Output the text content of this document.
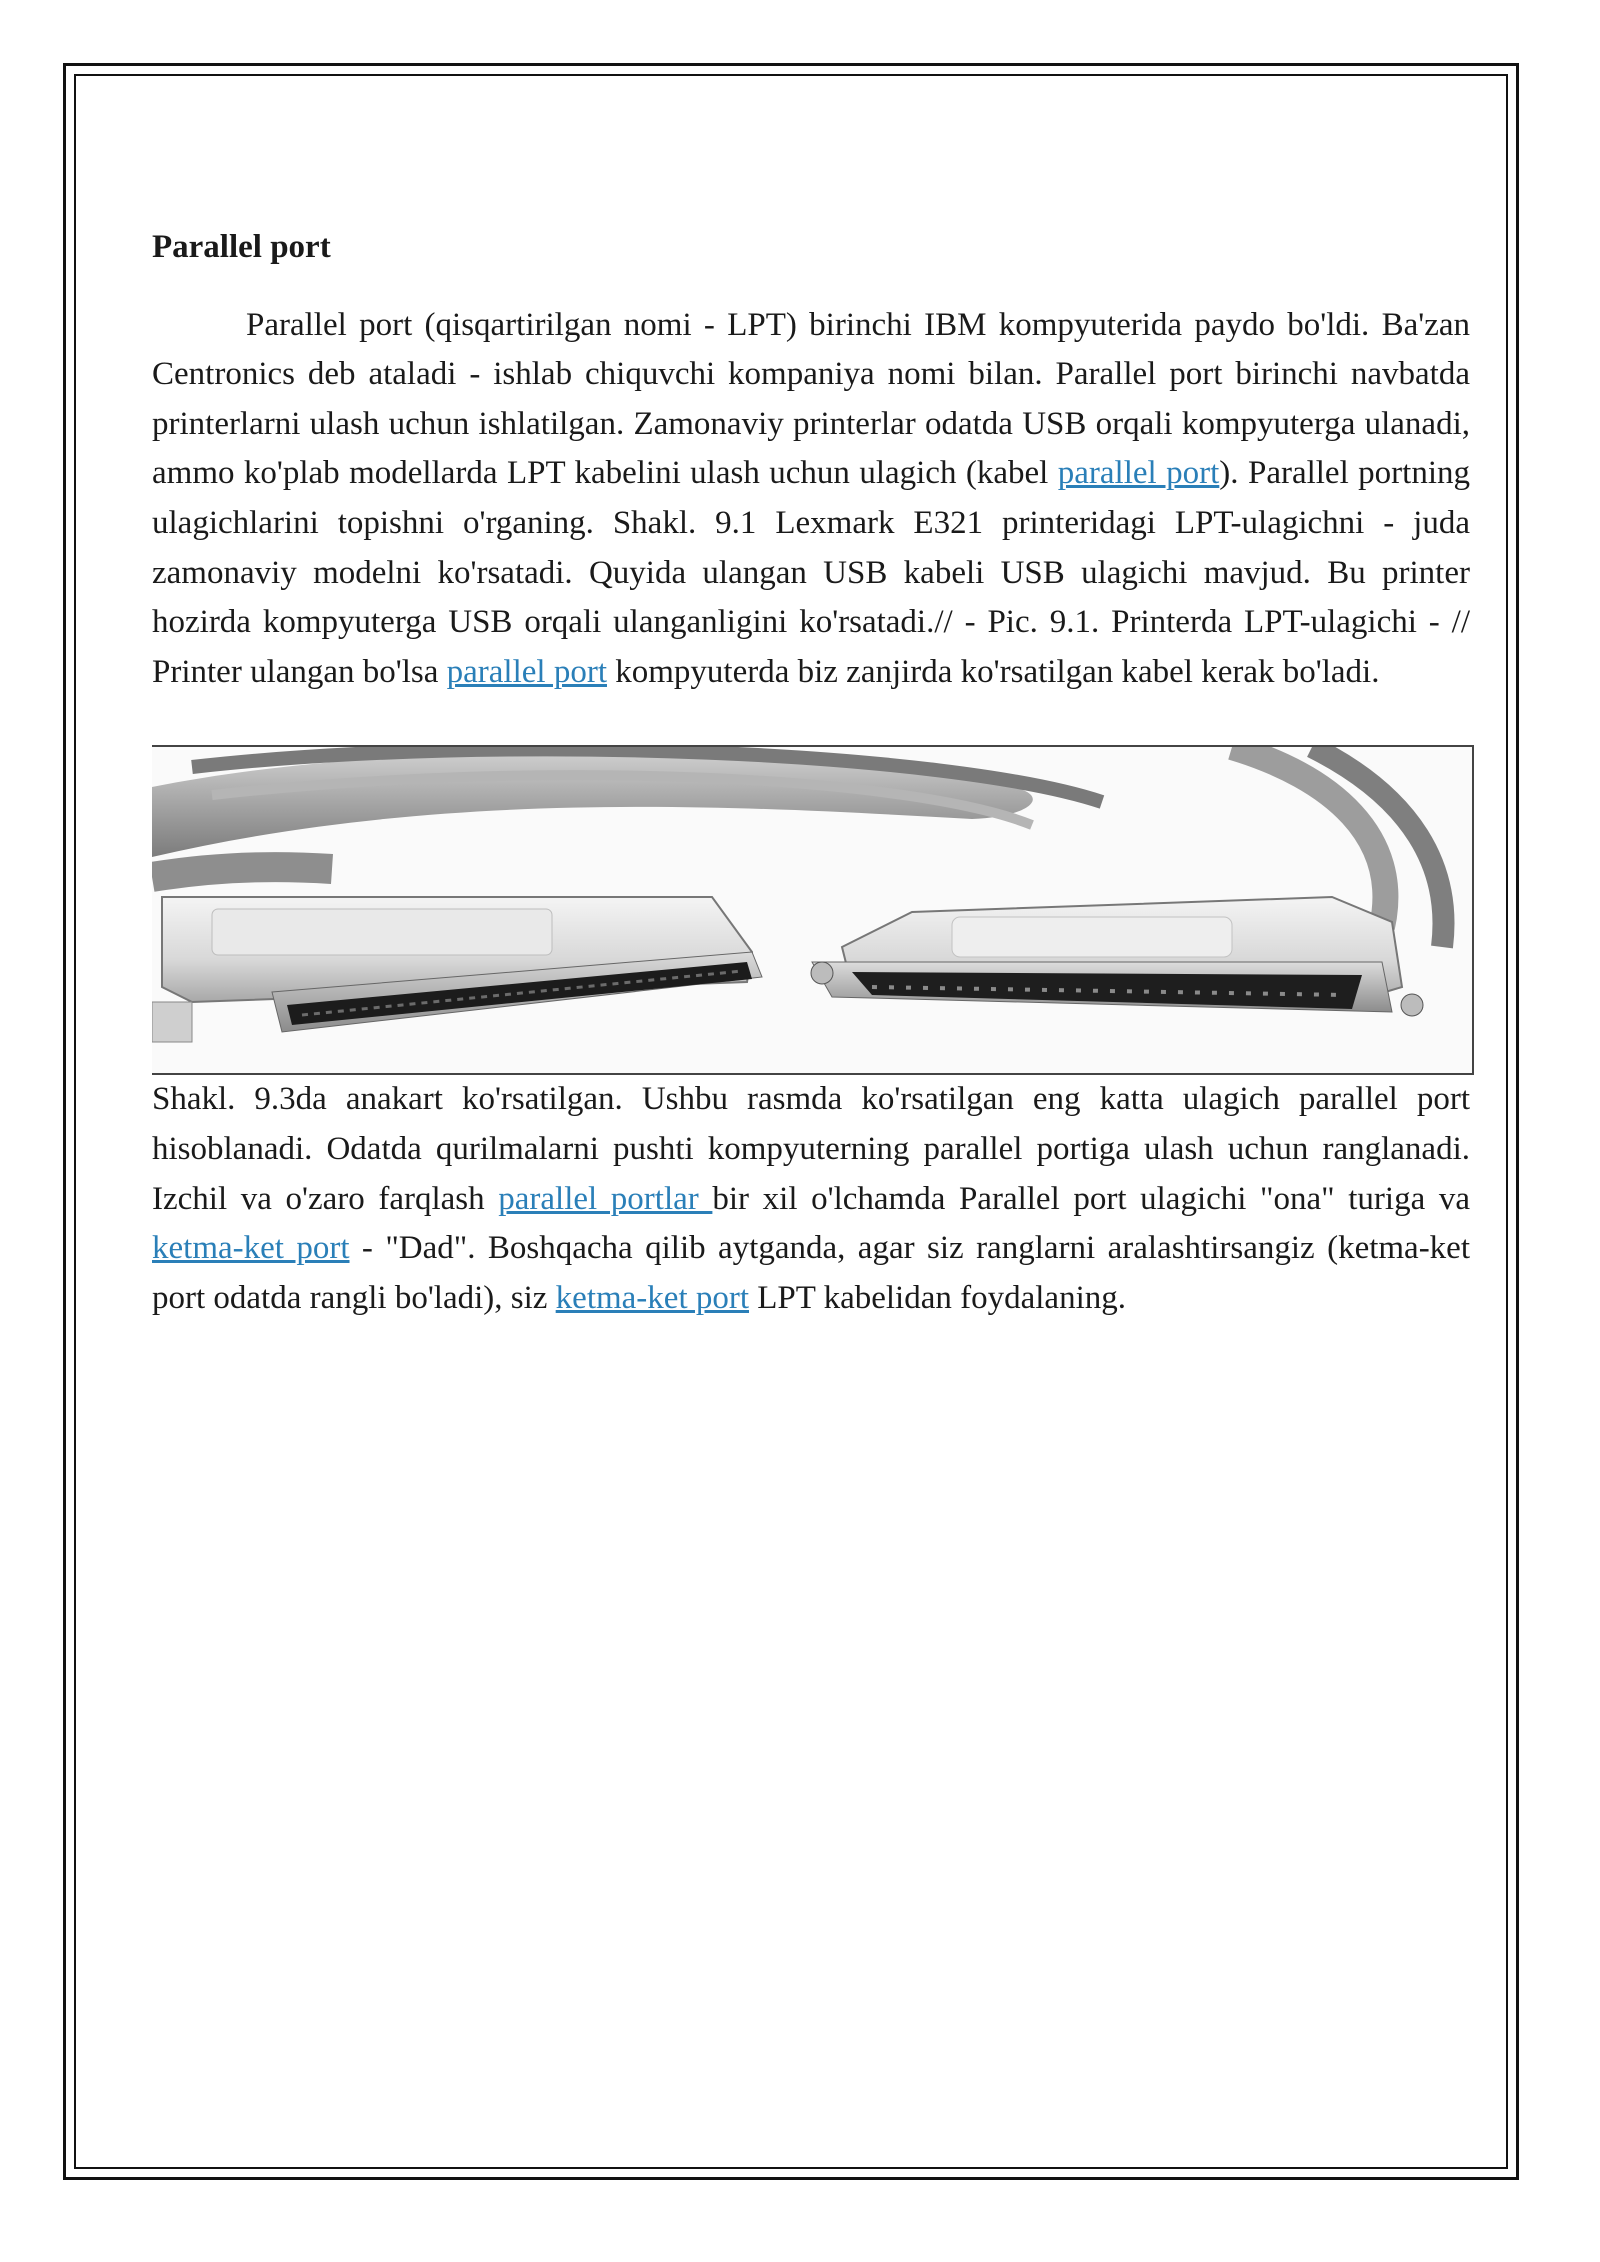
Parallel port

Parallel port (qisqartirilgan nomi - LPT) birinchi IBM kompyuterida paydo bo'ldi. Ba'zan Centronics deb ataladi - ishlab chiquvchi kompaniya nomi bilan. Parallel port birinchi navbatda printerlarni ulash uchun ishlatilgan. Zamonaviy printerlar odatda USB orqali kompyuterga ulanadi, ammo ko'plab modellarda LPT kabelini ulash uchun ulagich (kabel parallel port). Parallel portning ulagichlarini topishni o'rganing. Shakl. 9.1 Lexmark E321 printeridagi LPT-ulagichni - juda zamonaviy modelni ko'rsatadi. Quyida ulangan USB kabeli USB ulagichi mavjud. Bu printer hozirda kompyuterga USB orqali ulanganligini ko'rsatadi.// - Pic. 9.1. Printerda LPT-ulagichi - // Printer ulangan bo'lsa parallel port kompyuterda biz zanjirda ko'rsatilgan kabel kerak bo'ladi.

Shakl. 9.3da anakart ko'rsatilgan. Ushbu rasmda ko'rsatilgan eng katta ulagich parallel port hisoblanadi. Odatda qurilmalarni pushti kompyuterning parallel portiga ulash uchun ranglanadi. Izchil va o'zaro farqlash parallel portlar bir xil o'lchamda Parallel port ulagichi "ona" turiga va ketma-ket port - "Dad". Boshqacha qilib aytganda, agar siz ranglarni aralashtirsangiz (ketma-ket port odatda rangli bo'ladi), siz ketma-ket port LPT kabelidan foydalaning.
